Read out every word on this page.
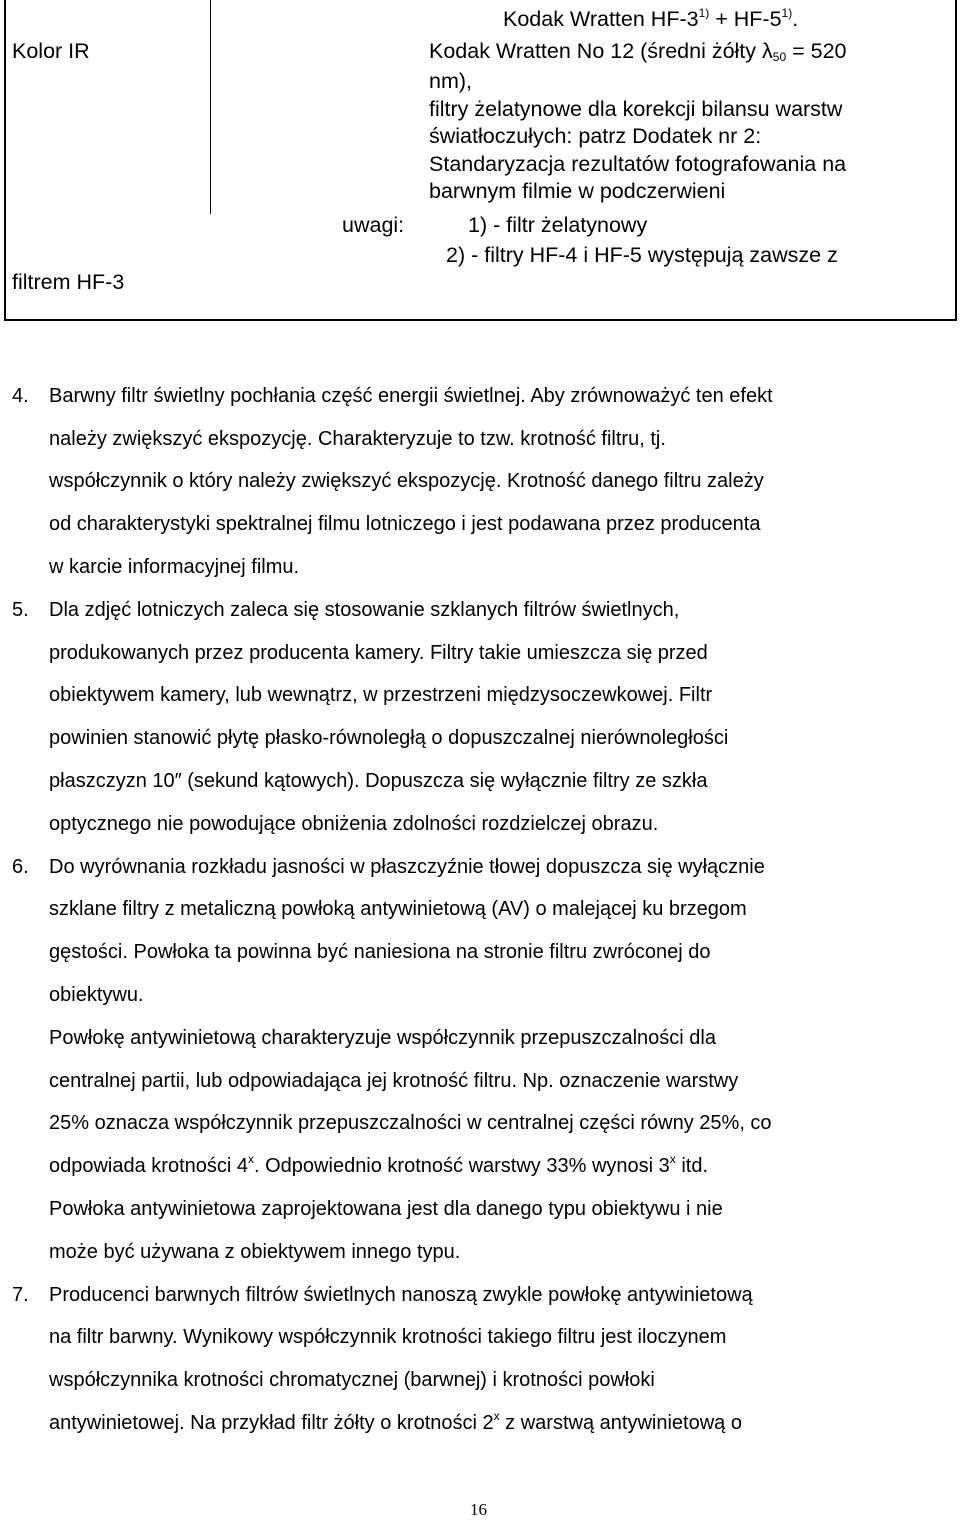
Kodak Wratten $HF-3^{1)} + HF-5^{1)}$.
Kolor IR	Kodak Wratten No 12 (średni żółty $\lambda_{50} = 520$
nm),
filtry żelatynowe dla korekcji bilansu warstw
światłoczułych: patrz Dodatek nr 2:
Standaryzacja rezultatów fotografowania na
barwnym filmie w podczerwieni
uwagi:	1) - filtr żelatynowy
2) - filtry HF-4 i HF-5 występują zawsze z
filtrem HF-3
4. Barwny filtr świetlny pochłania część energii świetlnej. Aby zrównoważyć ten efekt
należy zwiększyć ekspozycję. Charakteryzuje to tzw. krotność filtru, tj.
współczynnik o który należy zwiększyć ekspozycję. Krotność danego filtru zależy
od charakterystyki spektralnej filmu lotniczego i jest podawana przez producenta
w karcie informacyjnej filmu.
5. Dla zdjęć lotniczych zaleca się stosowanie szklanych filtrów świetlnych,
produkowanych przez producenta kamery. Filtry takie umieszcza się przed
obiektywem kamery, lub wewnątrz, w przestrzeni międzysoczewkowej. Filtr
powinien stanowić płytę płasko-równoległą o dopuszczalnej nierównoległości
płaszczyzn 10″ (sekund kątowych). Dopuszcza się wyłącznie filtry ze szkła
optycznego nie powodujące obniżenia zdolności rozdzielczej obrazu.
6. Do wyrównania rozkładu jasności w płaszczyźnie tłowej dopuszcza się wyłącznie
szklane filtry z metaliczną powłoką antywinietową (AV) o malejącej ku brzegom
gęstości. Powłoka ta powinna być naniesiona na stronie filtru zwróconej do
obiektywu.
Powłokę antywinietową charakteryzuje współczynnik przepuszczalności dla
centralnej partii, lub odpowiadająca jej krotność filtru. Np. oznaczenie warstwy
25% oznacza współczynnik przepuszczalności w centralnej części równy 25%, co
odpowiada krotności 4$^x$. Odpowiednio krotność warstwy 33% wynosi 3$^x$ itd.
Powłoka antywinietowa zaprojektowana jest dla danego typu obiektywu i nie
może być używana z obiektywem innego typu.
7. Producenci barwnych filtrów świetlnych nanoszą zwykle powłokę antywinietową
na filtr barwny. Wynikowy współczynnik krotności takiego filtru jest iloczynem
współczynnika krotności chromatycznej (barwnej) i krotności powłoki
antywinietowej. Na przykład filtr żółty o krotności 2$^x$ z warstwą antywinietową o
16
